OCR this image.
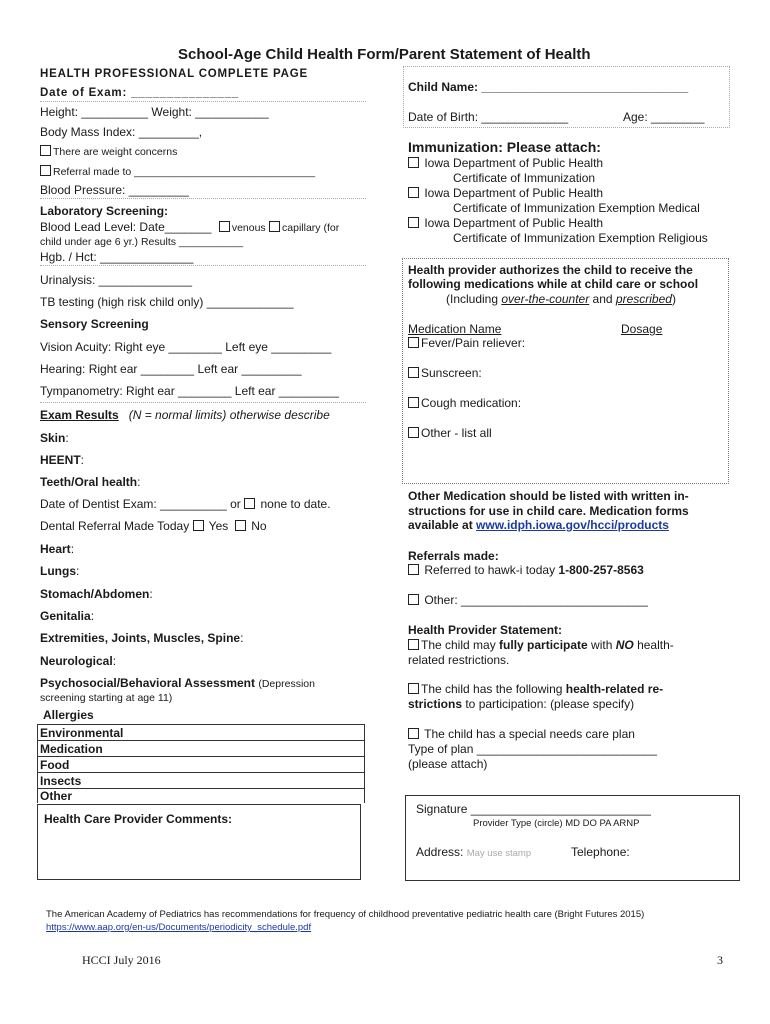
School-Age Child Health Form/Parent Statement of Health
HEALTH PROFESSIONAL COMPLETE PAGE
Date of Exam: _______________
Height: __________ Weight: ___________
Body Mass Index: _________,
There are weight concerns
Referral made to _______________________________
Blood Pressure: _________
Laboratory Screening:
Blood Lead Level: Date_______ venous capillary (for
child under age 6 yr.) Results ___________
Hgb. / Hct: ______________
Urinalysis: ______________
TB testing (high risk child only) _____________
Sensory Screening
Vision Acuity: Right eye ________ Left eye _________
Hearing: Right ear ________ Left ear _________
Tympanometry: Right ear ________ Left ear _________
Exam Results (N = normal limits) otherwise describe
Skin:
HEENT:
Teeth/Oral health:
Date of Dentist Exam: __________ or none to date.
Dental Referral Made Today Yes No
Heart:
Lungs:
Stomach/Abdomen:
Genitalia:
Extremities, Joints, Muscles, Spine:
Neurological:
Psychosocial/Behavioral Assessment (Depression
screening starting at age 11)
Allergies
Environmental
Medication
Food
Insects
Other
Health Care Provider Comments:
Child Name: _______________________________
Date of Birth: _____________	Age: ________
Immunization: Please attach:
Iowa Department of Public Health
Certificate of Immunization
Iowa Department of Public Health
Certificate of Immunization Exemption Medical
Iowa Department of Public Health
Certificate of Immunization Exemption Religious
Health provider authorizes the child to receive the
following medications while at child care or school
(Including over-the-counter and prescribed)
Medication Name	Dosage
Fever/Pain reliever:
Sunscreen:
Cough medication:
Other - list all
Other Medication should be listed with written in-
structions for use in child care. Medication forms
available at www.idph.iowa.gov/hcci/products
Referrals made:
Referred to hawk-i today 1-800-257-8563
Other: ____________________________
Health Provider Statement:
The child may fully participate with NO health-
related restrictions.
The child has the following health-related re-
strictions to participation: (please specify)
The child has a special needs care plan
Type of plan ___________________________
(please attach)
Signature ___________________________
Provider Type (circle) MD DO PA ARNP
Address: May use stamp	Telephone:
The American Academy of Pediatrics has recommendations for frequency of childhood preventative pediatric health care (Bright Futures 2015)
https://www.aap.org/en-us/Documents/periodicity_schedule.pdf
HCCI July 2016	3
